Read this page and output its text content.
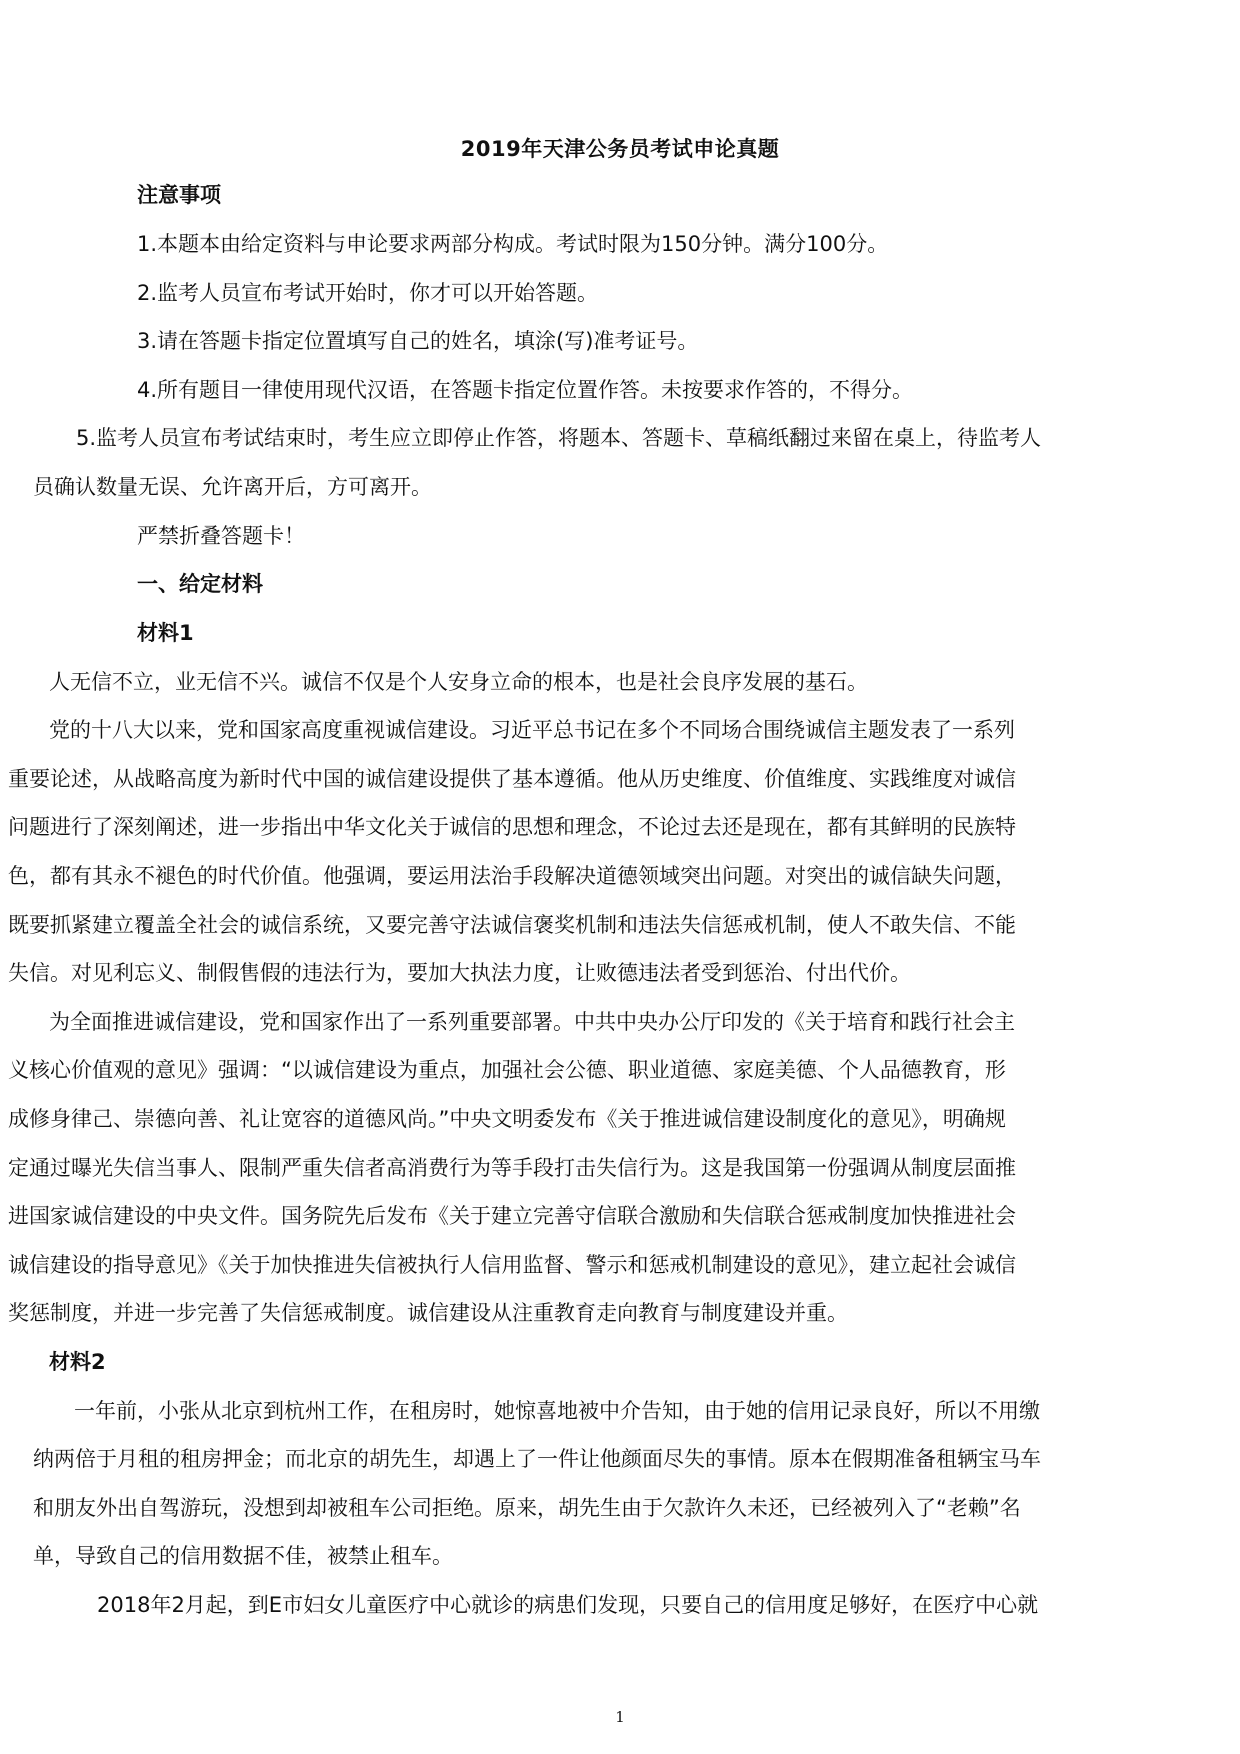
2019年天津公务员考试申论真题
注意事项
1.本题本由给定资料与申论要求两部分构成。考试时限为150分钟。满分100分。
2.监考人员宣布考试开始时，你才可以开始答题。
3.请在答题卡指定位置填写自己的姓名，填涂(写)准考证号。
4.所有题目一律使用现代汉语，在答题卡指定位置作答。未按要求作答的，不得分。
5.监考人员宣布考试结束时，考生应立即停止作答，将题本、答题卡、草稿纸翻过来留在桌上，待监考人
员确认数量无误、允许离开后，方可离开。
严禁折叠答题卡！
一、给定材料
材料1
人无信不立，业无信不兴。诚信不仅是个人安身立命的根本，也是社会良序发展的基石。
党的十八大以来，党和国家高度重视诚信建设。习近平总书记在多个不同场合围绕诚信主题发表了一系列
重要论述，从战略高度为新时代中国的诚信建设提供了基本遵循。他从历史维度、价值维度、实践维度对诚信
问题进行了深刻阐述，进一步指出中华文化关于诚信的思想和理念，不论过去还是现在，都有其鲜明的民族特
色，都有其永不褪色的时代价值。他强调，要运用法治手段解决道德领域突出问题。对突出的诚信缺失问题，
既要抓紧建立覆盖全社会的诚信系统，又要完善守法诚信褒奖机制和违法失信惩戒机制，使人不敢失信、不能
失信。对见利忘义、制假售假的违法行为，要加大执法力度，让败德违法者受到惩治、付出代价。
为全面推进诚信建设，党和国家作出了一系列重要部署。中共中央办公厅印发的《关于培育和践行社会主
义核心价值观的意见》强调：“以诚信建设为重点，加强社会公德、职业道德、家庭美德、个人品德教育，形
成修身律己、崇德向善、礼让宽容的道德风尚。”中央文明委发布《关于推进诚信建设制度化的意见》，明确规
定通过曝光失信当事人、限制严重失信者高消费行为等手段打击失信行为。这是我国第一份强调从制度层面推
进国家诚信建设的中央文件。国务院先后发布《关于建立完善守信联合激励和失信联合惩戒制度加快推进社会
诚信建设的指导意见》《关于加快推进失信被执行人信用监督、警示和惩戒机制建设的意见》，建立起社会诚信
奖惩制度，并进一步完善了失信惩戒制度。诚信建设从注重教育走向教育与制度建设并重。
材料2
一年前，小张从北京到杭州工作，在租房时，她惊喜地被中介告知，由于她的信用记录良好，所以不用缴
纳两倍于月租的租房押金；而北京的胡先生，却遇上了一件让他颜面尽失的事情。原本在假期准备租辆宝马车
和朋友外出自驾游玩，没想到却被租车公司拒绝。原来，胡先生由于欠款许久未还，已经被列入了“老赖”名
单，导致自己的信用数据不佳，被禁止租车。
2018年2月起，到E市妇女儿童医疗中心就诊的病患们发现，只要自己的信用度足够好，在医疗中心就
1
